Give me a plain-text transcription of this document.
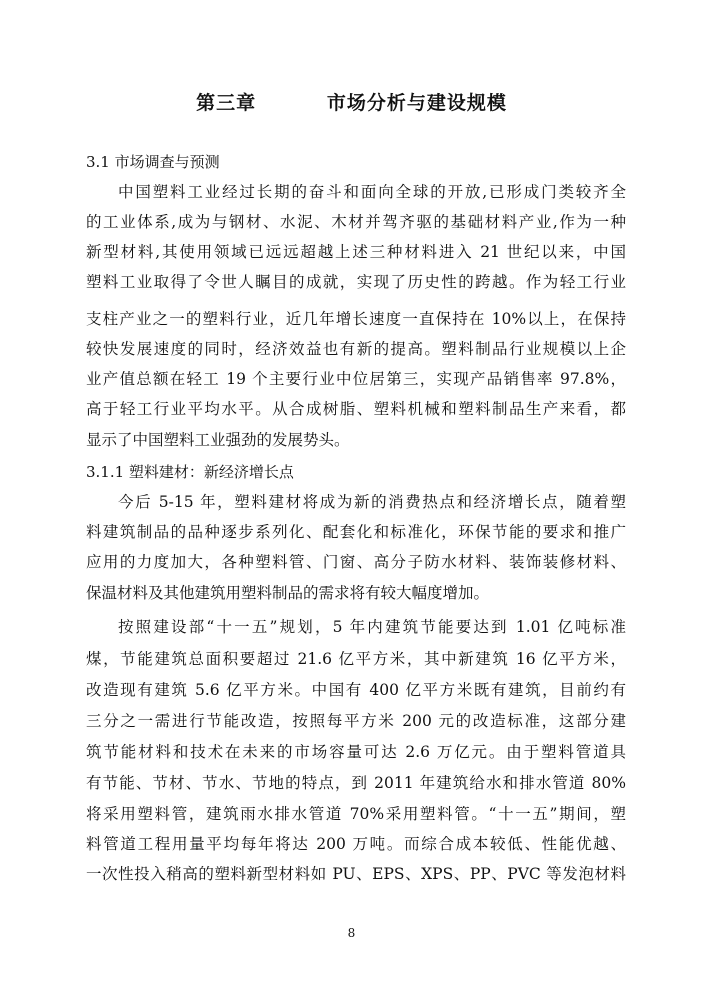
第三章   市场分析与建设规模
3.1 市场调查与预测
中国塑料工业经过长期的奋斗和面向全球的开放,已形成门类较齐全
的工业体系,成为与钢材、水泥、木材并驾齐驱的基础材料产业,作为一种
新型材料,其使用领域已远远超越上述三种材料进入 21 世纪以来，中国
塑料工业取得了令世人瞩目的成就，实现了历史性的跨越。作为轻工行业
支柱产业之一的塑料行业，近几年增长速度一直保持在 10%以上，在保持
较快发展速度的同时，经济效益也有新的提高。塑料制品行业规模以上企
业产值总额在轻工 19 个主要行业中位居第三，实现产品销售率 97.8%，
高于轻工行业平均水平。从合成树脂、塑料机械和塑料制品生产来看，都
显示了中国塑料工业强劲的发展势头。
3.1.1 塑料建材：新经济增长点
今后 5-15 年，塑料建材将成为新的消费热点和经济增长点，随着塑
料建筑制品的品种逐步系列化、配套化和标准化，环保节能的要求和推广
应用的力度加大，各种塑料管、门窗、高分子防水材料、装饰装修材料、
保温材料及其他建筑用塑料制品的需求将有较大幅度增加。
按照建设部“十一五”规划，5 年内建筑节能要达到 1.01 亿吨标准
煤，节能建筑总面积要超过 21.6 亿平方米，其中新建筑 16 亿平方米，
改造现有建筑 5.6 亿平方米。中国有 400 亿平方米既有建筑，目前约有
三分之一需进行节能改造，按照每平方米 200 元的改造标准，这部分建
筑节能材料和技术在未来的市场容量可达 2.6 万亿元。由于塑料管道具
有节能、节材、节水、节地的特点，到 2011 年建筑给水和排水管道 80%
将采用塑料管，建筑雨水排水管道 70%采用塑料管。“十一五”期间，塑
料管道工程用量平均每年将达 200 万吨。而综合成本较低、性能优越、
一次性投入稍高的塑料新型材料如 PU、EPS、XPS、PP、PVC 等发泡材料
8
